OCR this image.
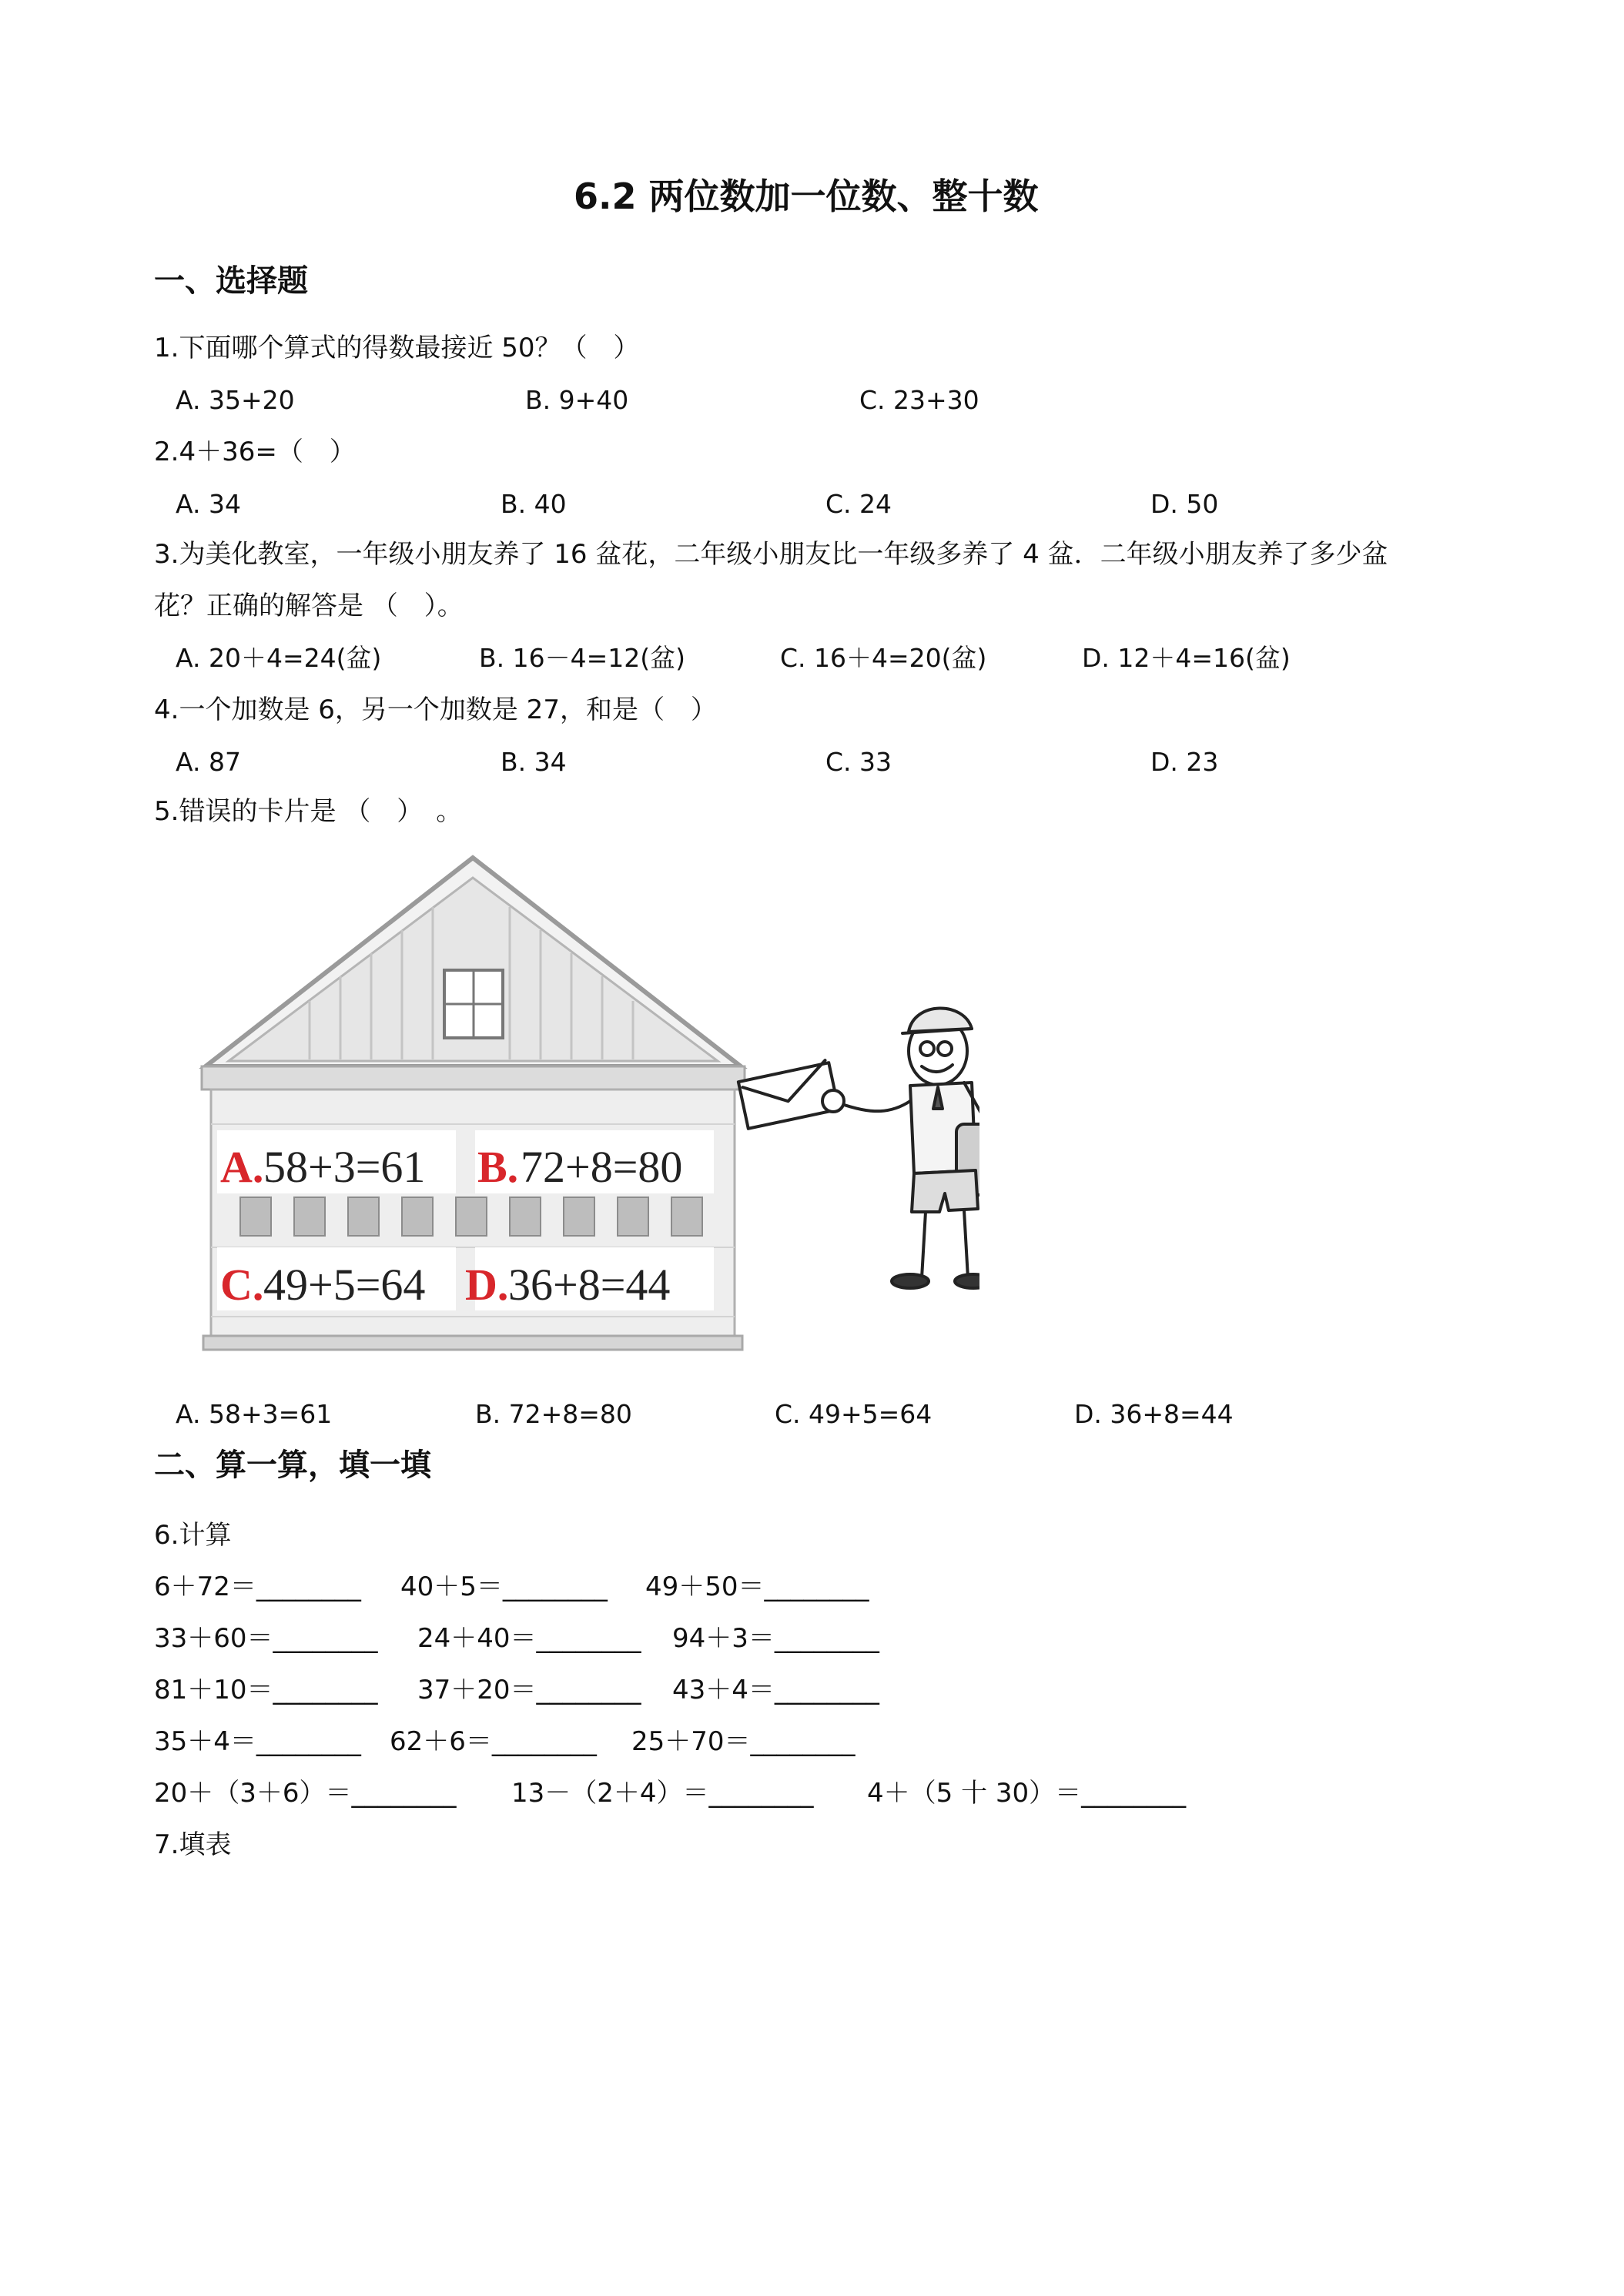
6.2 两位数加一位数、整十数
一、选择题
1.下面哪个算式的得数最接近 50？（　）
A. 35+20	B. 9+40	C. 23+30
2.4＋36=（　）
A. 34	B. 40	C. 24	D. 50
3.为美化教室，一年级小朋友养了 16 盆花，二年级小朋友比一年级多养了 4 盆．二年级小朋友养了多少盆
花？正确的解答是 （　）。
A. 20＋4=24(盆)	B. 16－4=12(盆)	C. 16＋4=20(盆)	D. 12＋4=16(盆)
4.一个加数是 6，另一个加数是 27，和是（　）
A. 87	B. 34	C. 33	D. 23
5.错误的卡片是 （　）　。
A. 58+3=61 B. 72+8=80
C. 49+5=64 D. 36+8=44
A. 58+3=61	B. 72+8=80	C. 49+5=64	D. 36+8=44
二、算一算，填一填
6.计算
6＋72＝________ 40＋5＝________ 49＋50＝________
33＋60＝________ 24＋40＝________ 94＋3＝________
81＋10＝________ 37＋20＝________ 43＋4＝________
35＋4＝________ 62＋6＝________ 25＋70＝________
20＋（3＋6）＝________ 13－（2＋4）＝________ 4＋（5 十 30）＝________
7.填表
